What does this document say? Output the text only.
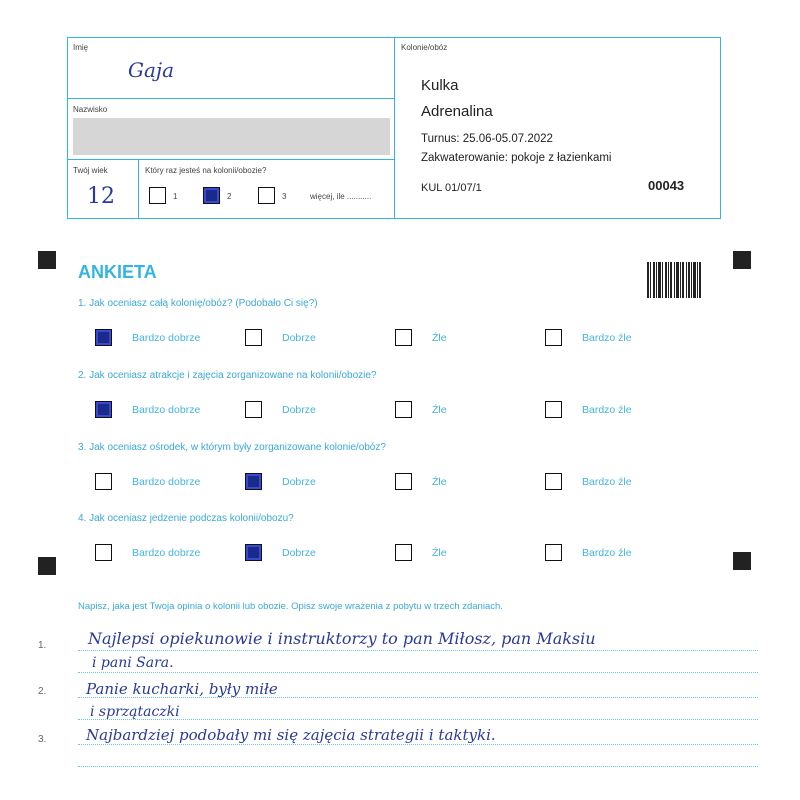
Imię
Gaja
Nazwisko
Twój wiek
12
Który raz jesteś na kolonii/obozie?
1	2	3	więcej, ile ...........
Kolonie/obóz
Kulka
Adrenalina
Turnus: 25.06-05.07.2022
Zakwaterowanie: pokoje z łazienkami
KUL 01/07/1	00043
ANKIETA
1. Jak oceniasz całą kolonię/obóz? (Podobało Ci się?)
Bardzo dobrze	Dobrze	Źle	Bardzo źle
2. Jak oceniasz atrakcje i zajęcia zorganizowane na kolonii/obozie?
Bardzo dobrze	Dobrze	Źle	Bardzo źle
3. Jak oceniasz ośrodek, w którym były zorganizowane kolonie/obóz?
Bardzo dobrze	Dobrze	Źle	Bardzo źle
4. Jak oceniasz jedzenie podczas kolonii/obozu?
Bardzo dobrze	Dobrze	Źle	Bardzo źle
Napisz, jaka jest Twoja opinia o kolonii lub obozie. Opisz swoje wrażenia z pobytu w trzech zdaniach.
1.
2.
3.
Najlepsi opiekunowie i instruktorzy to pan Miłosz, pan Maksiu
i pani Sara.
Panie kucharki, były miłe
i sprzątaczki
Najbardziej podobały mi się zajęcia strategii i taktyki.
